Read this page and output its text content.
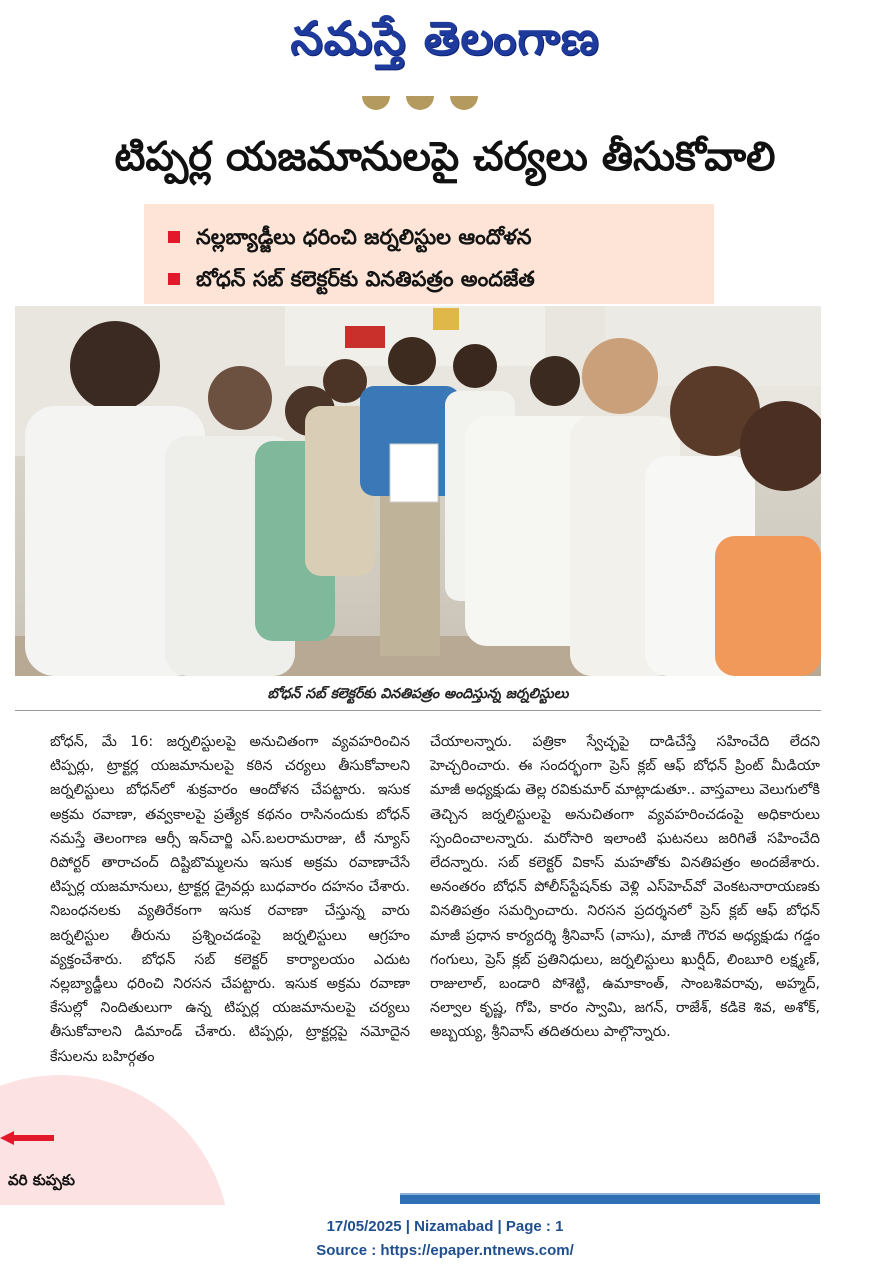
నమస్తే తెలంగాణ
టిప్పర్ల యజమానులపై చర్యలు తీసుకోవాలి
నల్లబ్యాడ్జీలు ధరించి జర్నలిస్టుల ఆందోళన
బోధన్ సబ్ కలెక్టర్‌కు వినతిపత్రం అందజేత
బోధన్ సబ్ కలెక్టర్‌కు వినతిపత్రం అందిస్తున్న జర్నలిస్టులు
బోధన్, మే 16: జర్నలిస్టులపై అనుచితంగా వ్యవహరించిన టిప్పర్లు, ట్రాక్టర్ల యజమానులపై కఠిన చర్యలు తీసుకోవాలని జర్నలిస్టులు బోధన్‌లో శుక్రవారం ఆందోళన చేపట్టారు. ఇసుక అక్రమ రవాణా, తవ్వకాలపై ప్రత్యేక కథనం రాసినందుకు బోధన్ నమస్తే తెలంగాణ ఆర్సీ ఇన్‌చార్జి ఎస్.బలరామరాజు, టీ న్యూస్ రిపోర్టర్ తారాచంద్ దిష్టిబొమ్మలను ఇసుక అక్రమ రవాణాచేసే టిప్పర్ల యజమానులు, ట్రాక్టర్ల డ్రైవర్లు బుధవారం దహనం చేశారు. నిబంధనలకు వ్యతిరేకంగా ఇసుక రవాణా చేస్తున్న వారు జర్నలిస్టుల తీరును ప్రశ్నించడంపై జర్నలిస్టులు ఆగ్రహం వ్యక్తంచేశారు. బోధన్ సబ్ కలెక్టర్ కార్యాలయం ఎదుట నల్లబ్యాడ్జీలు ధరించి నిరసన చేపట్టారు. ఇసుక అక్రమ రవాణా కేసుల్లో నిందితులుగా ఉన్న టిప్పర్ల యజమానులపై చర్యలు తీసుకోవాలని డిమాండ్ చేశారు. టిప్పర్లు, ట్రాక్టర్లపై నమోదైన కేసులను బహిర్గతం
చేయాలన్నారు. పత్రికా స్వేచ్ఛపై దాడిచేస్తే సహించేది లేదని హెచ్చరించారు. ఈ సందర్భంగా ప్రెస్ క్లబ్ ఆఫ్ బోధన్ ప్రింట్ మీడియా మాజీ అధ్యక్షుడు తెల్ల రవికుమార్ మాట్లాడుతూ.. వాస్తవాలు వెలుగులోకి తెచ్చిన జర్నలిస్టులపై అనుచితంగా వ్యవహరించడంపై అధికారులు స్పందించాలన్నారు. మరోసారి ఇలాంటి ఘటనలు జరిగితే సహించేది లేదన్నారు. సబ్ కలెక్టర్ వికాస్ మహతోకు వినతిపత్రం అందజేశారు. అనంతరం బోధన్ పోలీస్‌స్టేషన్‌కు వెళ్లి ఎస్‌హెచ్‌వో వెంకటనారాయణకు వినతిపత్రం సమర్పించారు. నిరసన ప్రదర్శనలో ప్రెస్ క్లబ్ ఆఫ్ బోధన్ మాజీ ప్రధాన కార్యదర్శి శ్రీనివాస్ (వాసు), మాజీ గౌరవ అధ్యక్షుడు గడ్డం గంగులు, ప్రెస్ క్లబ్ ప్రతినిధులు, జర్నలిస్టులు ఖుర్షీద్, లింబూరి లక్ష్మణ్, రాజులాల్, బండారి పోశెట్టి, ఉమాకాంత్, సాంబశివరావు, అహ్మద్, నల్వాల కృష్ణ, గోపి, కారం స్వామి, జగన్, రాజేశ్, కడికె శివ, అశోక్, అబ్బయ్య, శ్రీనివాస్ తదితరులు పాల్గొన్నారు.
వరి కుప్పకు
17/05/2025 | Nizamabad | Page : 1
Source : https://epaper.ntnews.com/
